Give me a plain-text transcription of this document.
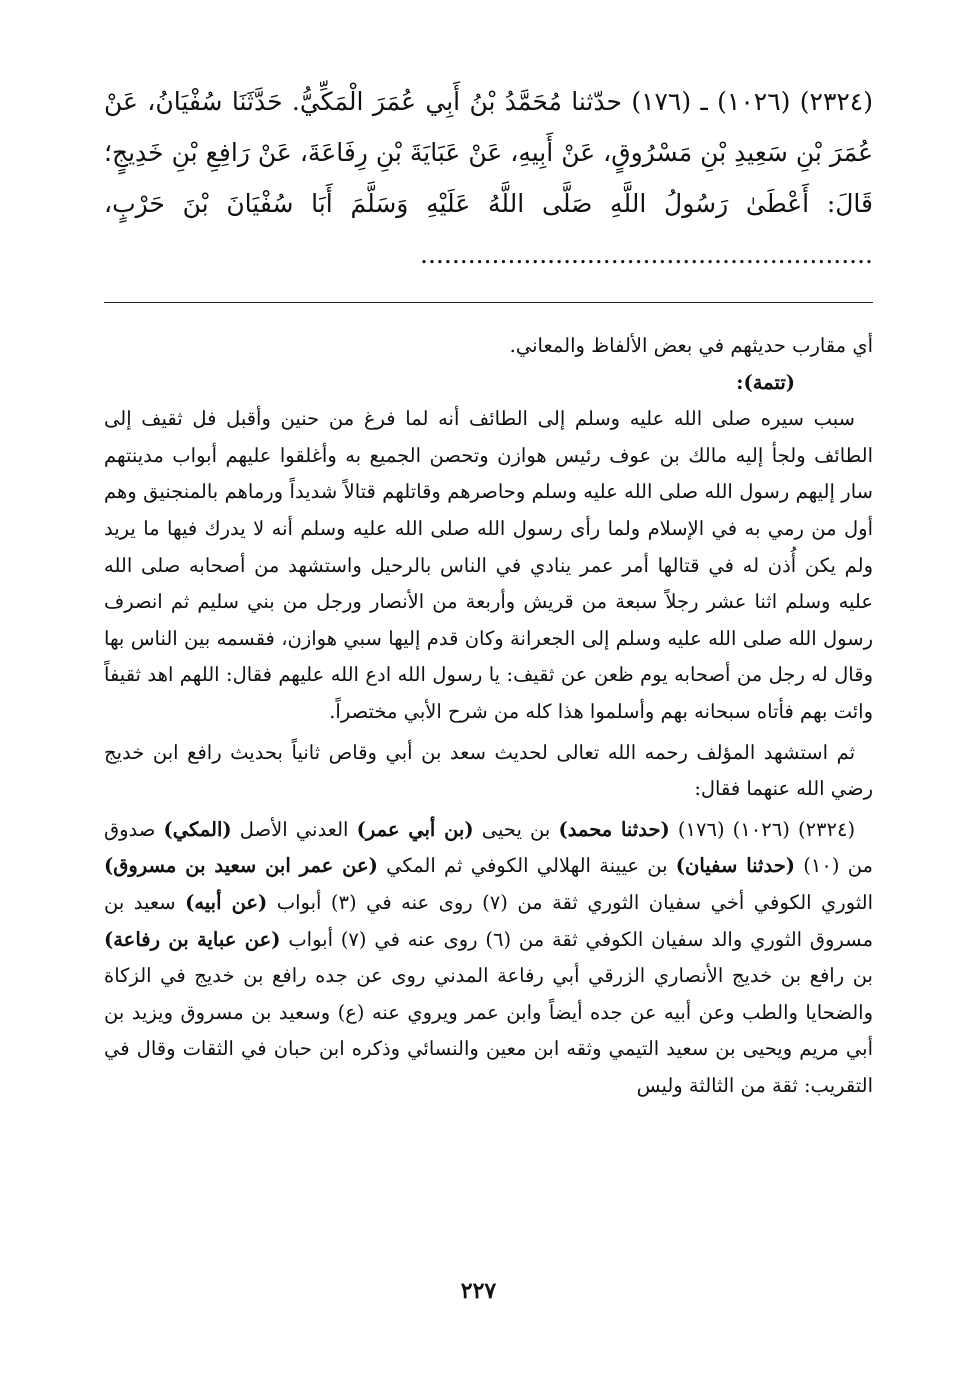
(٢٣٢٤) (١٠٢٦) ـ (١٧٦) حدّثنا مُحَمَّدُ بْنُ أَبِي عُمَرَ الْمَكِّيُّ. حَدَّثَنَا سُفْيَانُ، عَنْ عُمَرَ بْنِ سَعِيدِ بْنِ مَسْرُوقٍ، عَنْ أَبِيهِ، عَنْ عَبَايَةَ بْنِ رِفَاعَةَ، عَنْ رَافِعِ بْنِ خَدِيجٍ؛ قَالَ: أَعْطَىٰ رَسُولُ اللَّهِ صَلَّى اللَّهُ عَلَيْهِ وَسَلَّمَ أَبَا سُفْيَانَ بْنَ حَرْبٍ، .........................................................

أي مقارب حديثهم في بعض الألفاظ والمعاني.

(تتمة):

سبب سيره صلى الله عليه وسلم إلى الطائف أنه لما فرغ من حنين وأقبل فل ثقيف إلى الطائف ولجأ إليه مالك بن عوف رئيس هوازن وتحصن الجميع به وأغلقوا عليهم أبواب مدينتهم سار إليهم رسول الله صلى الله عليه وسلم وحاصرهم وقاتلهم قتالاً شديداً ورماهم بالمنجنيق وهم أول من رمي به في الإسلام ولما رأى رسول الله صلى الله عليه وسلم أنه لا يدرك فيها ما يريد ولم يكن أُذن له في قتالها أمر عمر ينادي في الناس بالرحيل واستشهد من أصحابه صلى الله عليه وسلم اثنا عشر رجلاً سبعة من قريش وأربعة من الأنصار ورجل من بني سليم ثم انصرف رسول الله صلى الله عليه وسلم إلى الجعرانة وكان قدم إليها سبي هوازن، فقسمه بين الناس بها وقال له رجل من أصحابه يوم ظعن عن ثقيف: يا رسول الله ادع الله عليهم فقال: اللهم اهد ثقيفاً وائت بهم فأتاه سبحانه بهم وأسلموا هذا كله من شرح الأبي مختصراً.

ثم استشهد المؤلف رحمه الله تعالى لحديث سعد بن أبي وقاص ثانياً بحديث رافع ابن خديج رضي الله عنهما فقال:

(٢٣٢٤) (١٠٢٦) (١٧٦) (حدثنا محمد) بن يحيى (بن أبي عمر) العدني الأصل (المكي) صدوق من (١٠) (حدثنا سفيان) بن عيينة الهلالي الكوفي ثم المكي (عن عمر ابن سعيد بن مسروق) الثوري الكوفي أخي سفيان الثوري ثقة من (٧) روى عنه في (٣) أبواب (عن أبيه) سعيد بن مسروق الثوري والد سفيان الكوفي ثقة من (٦) روى عنه في (٧) أبواب (عن عباية بن رفاعة) بن رافع بن خديج الأنصاري الزرقي أبي رفاعة المدني روى عن جده رافع بن خديج في الزكاة والضحايا والطب وعن أبيه عن جده أيضاً وابن عمر ويروي عنه (ع) وسعيد بن مسروق ويزيد بن أبي مريم ويحيى بن سعيد التيمي وثقه ابن معين والنسائي وذكره ابن حبان في الثقات وقال في التقريب: ثقة من الثالثة وليس

٢٢٧
